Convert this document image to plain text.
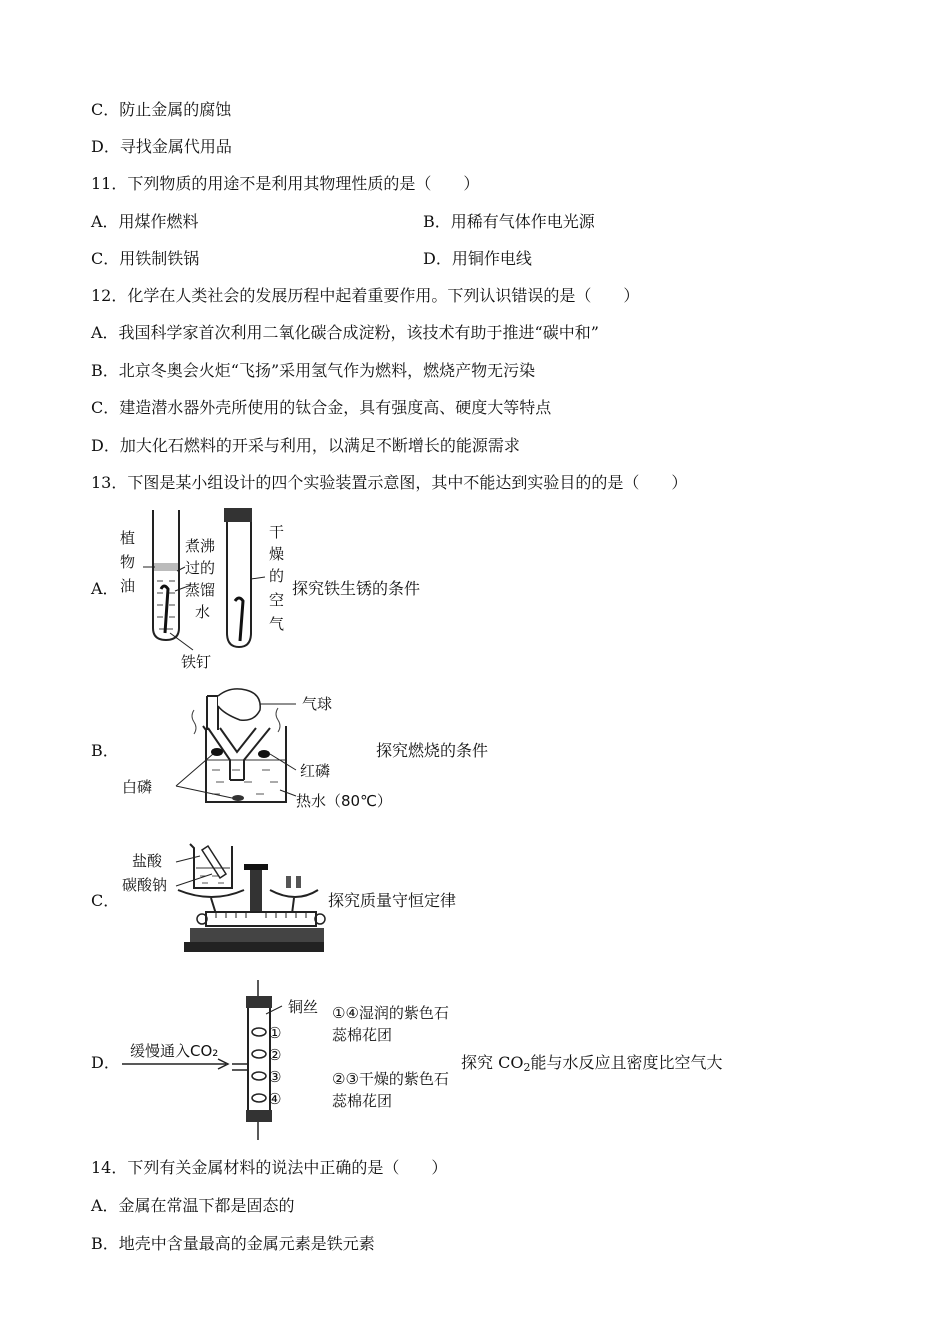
C．防止金属的腐蚀
D．寻找金属代用品
11．下列物质的用途不是利用其物理性质的是（　　）
A．用煤作燃料	B．用稀有气体作电光源
C．用铁制铁锅	D．用铜作电线
12．化学在人类社会的发展历程中起着重要作用。下列认识错误的是（　　）
A．我国科学家首次利用二氧化碳合成淀粉，该技术有助于推进“碳中和”
B．北京冬奥会火炬“飞扬”采用氢气作为燃料，燃烧产物无污染
C．建造潜水器外壳所使用的钛合金，具有强度高、硬度大等特点
D．加大化石燃料的开采与利用，以满足不断增长的能源需求
13．下图是某小组设计的四个实验装置示意图，其中不能达到实验目的的是（　　）
A．
植
物
油
煮沸
过的
蒸馏
水
干
燥
的
空
气
铁钉
探究铁生锈的条件
B．
气球
红磷
白磷
热水（80℃）
探究燃烧的条件
C．
盐酸
碳酸钠
探究质量守恒定律
D．
缓慢通入CO₂
铜丝
①
②
③
④
①④湿润的紫色石
蕊棉花团
②③干燥的紫色石
蕊棉花团
探究 $CO_2$能与水反应且密度比空气大
14．下列有关金属材料的说法中正确的是（　　）
A．金属在常温下都是固态的
B．地壳中含量最高的金属元素是铁元素
